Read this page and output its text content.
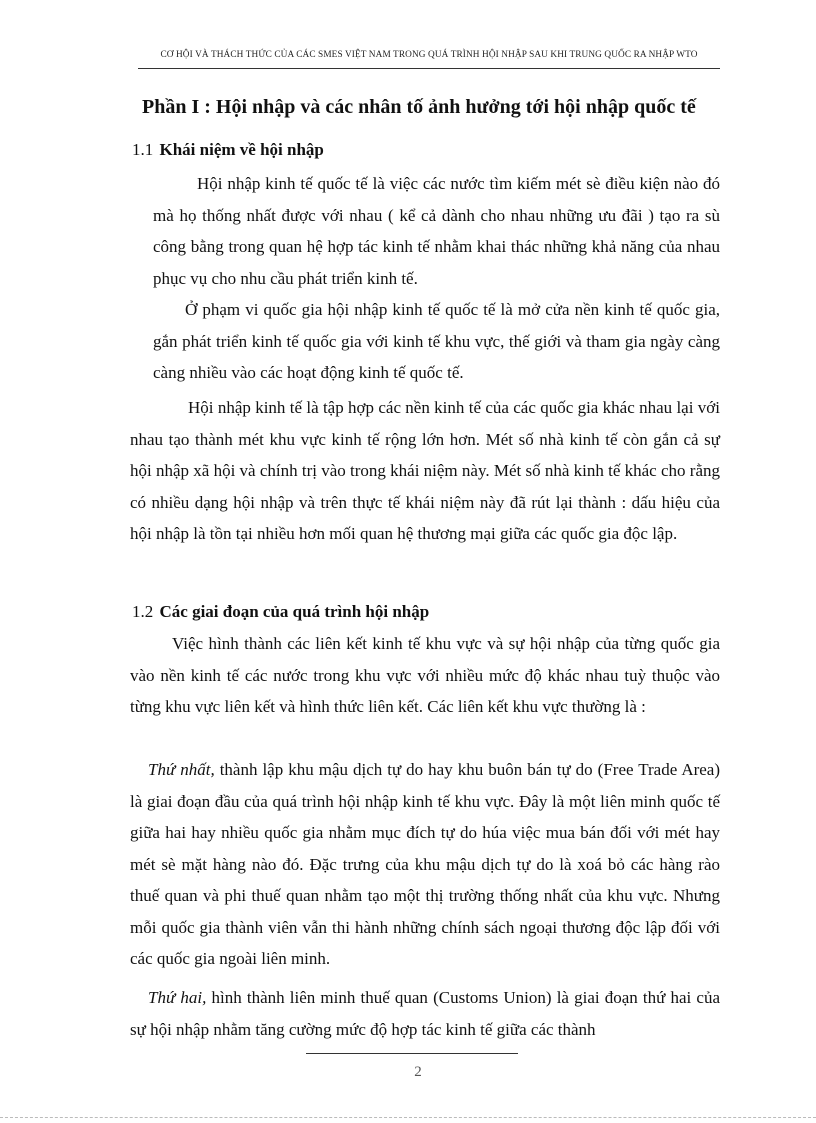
CƠ HỘI VÀ THÁCH THỨC CỦA CÁC SMES VIỆT NAM TRONG QUÁ TRÌNH HỘI NHẬP SAU KHI TRUNG QUỐC RA NHẬP WTO
Phần I : Hội nhập và các nhân tố ảnh hưởng tới hội nhập quốc tế
1.1 Khái niệm về hội nhập
Hội nhập kinh tế quốc tế là việc các nước tìm kiếm mét sè điều kiện nào đó mà họ thống nhất được với nhau ( kể cả dành cho nhau những ưu đãi ) tạo ra sù công bằng trong quan hệ hợp tác kinh tế nhằm khai thác những khả năng của nhau phục vụ cho nhu cầu phát triển kinh tế.
Ở phạm vi quốc gia hội nhập kinh tế quốc tế là mở cửa nền kinh tế quốc gia, gắn phát triển kinh tế quốc gia với kinh tế khu vực, thế giới và tham gia ngày càng càng nhiều vào các hoạt động kinh tế quốc tế.
Hội nhập kinh tế là tập hợp các nền kinh tế của các quốc gia khác nhau lại với nhau tạo thành mét khu vực kinh tế rộng lớn hơn. Mét số nhà kinh tế còn gắn cả sự hội nhập xã hội và chính trị vào trong khái niệm này. Mét số nhà kinh tế khác cho rằng có nhiều dạng hội nhập và trên thực tế khái niệm này đã rút lại thành : dấu hiệu của hội nhập là tồn tại nhiều hơn mối quan hệ thương mại giữa các quốc gia độc lập.
1.2 Các giai đoạn của quá trình hội nhập
Việc hình thành các liên kết kinh tế khu vực và sự hội nhập của từng quốc gia vào nền kinh tế các nước trong khu vực với nhiều mức độ khác nhau tuỳ thuộc vào từng khu vực liên kết và hình thức liên kết. Các liên kết khu vực thường là :
Thứ nhất, thành lập khu mậu dịch tự do hay khu buôn bán tự do (Free Trade Area) là giai đoạn đầu của quá trình hội nhập kinh tế khu vực. Đây là một liên minh quốc tế giữa hai hay nhiều quốc gia nhằm mục đích tự do húa việc mua bán đối với mét hay mét sè mặt hàng nào đó. Đặc trưng của khu mậu dịch tự do là xoá bỏ các hàng rào thuế quan và phi thuế quan nhằm tạo một thị trường thống nhất của khu vực. Nhưng mỗi quốc gia thành viên vẫn thi hành những chính sách ngoại thương độc lập đối với các quốc gia ngoài liên minh.
Thứ hai, hình thành liên minh thuế quan (Customs Union) là giai đoạn thứ hai của sự hội nhập nhằm tăng cường mức độ hợp tác kinh tế giữa các thành
2
